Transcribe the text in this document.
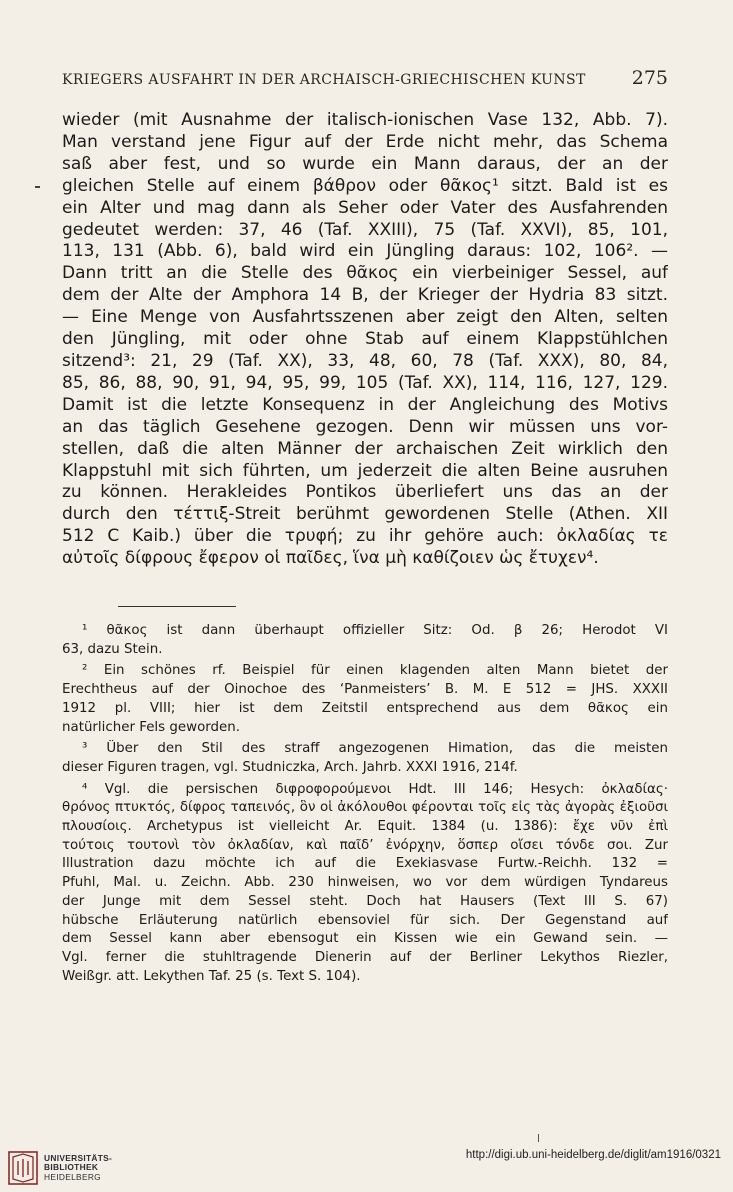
KRIEGERS AUSFAHRT IN DER ARCHAISCH-GRIECHISCHEN KUNST 275
wieder (mit Ausnahme der italisch-ionischen Vase 132, Abb. 7).
Man verstand jene Figur auf der Erde nicht mehr, das Schema
saß aber fest, und so wurde ein Mann daraus, der an der
gleichen Stelle auf einem βάθρον oder θᾶκος¹ sitzt. Bald ist es
ein Alter und mag dann als Seher oder Vater des Ausfahrenden
gedeutet werden: 37, 46 (Taf. XXIII), 75 (Taf. XXVI), 85, 101,
113, 131 (Abb. 6), bald wird ein Jüngling daraus: 102, 106². —
Dann tritt an die Stelle des θᾶκος ein vierbeiniger Sessel, auf
dem der Alte der Amphora 14 B, der Krieger der Hydria 83 sitzt.
— Eine Menge von Ausfahrtsszenen aber zeigt den Alten, selten
den Jüngling, mit oder ohne Stab auf einem Klappstühlchen
sitzend³: 21, 29 (Taf. XX), 33, 48, 60, 78 (Taf. XXX), 80, 84,
85, 86, 88, 90, 91, 94, 95, 99, 105 (Taf. XX), 114, 116, 127, 129.
Damit ist die letzte Konsequenz in der Angleichung des Motivs
an das täglich Gesehene gezogen. Denn wir müssen uns vor-
stellen, daß die alten Männer der archaischen Zeit wirklich den
Klappstuhl mit sich führten, um jederzeit die alten Beine ausruhen
zu können. Herakleides Pontikos überliefert uns das an der
durch den τέττιξ-Streit berühmt gewordenen Stelle (Athen. XII
512 C Kaib.) über die τρυφή; zu ihr gehöre auch: ὀκλαδίας τε
αὐτοῖς δίφρους ἔφερον οἱ παῖδες, ἵνα μὴ καθίζοιεν ὡς ἔτυχεν⁴.
¹ θᾶκος ist dann überhaupt offizieller Sitz: Od. β 26; Herodot VI
63, dazu Stein.
² Ein schönes rf. Beispiel für einen klagenden alten Mann bietet der
Erechtheus auf der Oinochoe des ‘Panmeisters’ B. M. E 512 = JHS. XXXII
1912 pl. VIII; hier ist dem Zeitstil entsprechend aus dem θᾶκος ein
natürlicher Fels geworden.
³ Über den Stil des straff angezogenen Himation, das die meisten
dieser Figuren tragen, vgl. Studniczka, Arch. Jahrb. XXXI 1916, 214f.
⁴ Vgl. die persischen διφροφορούμενοι Hdt. III 146; Hesych: ὀκλαδίας·
θρόνος πτυκτός, δίφρος ταπεινός, ὃν οἱ ἀκόλουθοι φέρονται τοῖς εἰς τὰς ἀγορὰς ἐξιοῦσι
πλουσίοις. Archetypus ist vielleicht Ar. Equit. 1384 (u. 1386): ἔχε νῦν ἐπὶ
τούτοις τουτονὶ τὸν ὀκλαδίαν, καὶ παῖδ’ ἐνόρχην, ὅσπερ οἴσει τόνδε σοι. Zur
Illustration dazu möchte ich auf die Exekiasvase Furtw.-Reichh. 132 =
Pfuhl, Mal. u. Zeichn. Abb. 230 hinweisen, wo vor dem würdigen Tyndareus
der Junge mit dem Sessel steht. Doch hat Hausers (Text III S. 67)
hübsche Erläuterung natürlich ebensoviel für sich. Der Gegenstand auf
dem Sessel kann aber ebensogut ein Kissen wie ein Gewand sein. —
Vgl. ferner die stuhltragende Dienerin auf der Berliner Lekythos Riezler,
Weißgr. att. Lekythen Taf. 25 (s. Text S. 104).
UNIVERSITÄTS-
BIBLIOTHEK
HEIDELBERG
http://digi.ub.uni-heidelberg.de/diglit/am1916/0321
